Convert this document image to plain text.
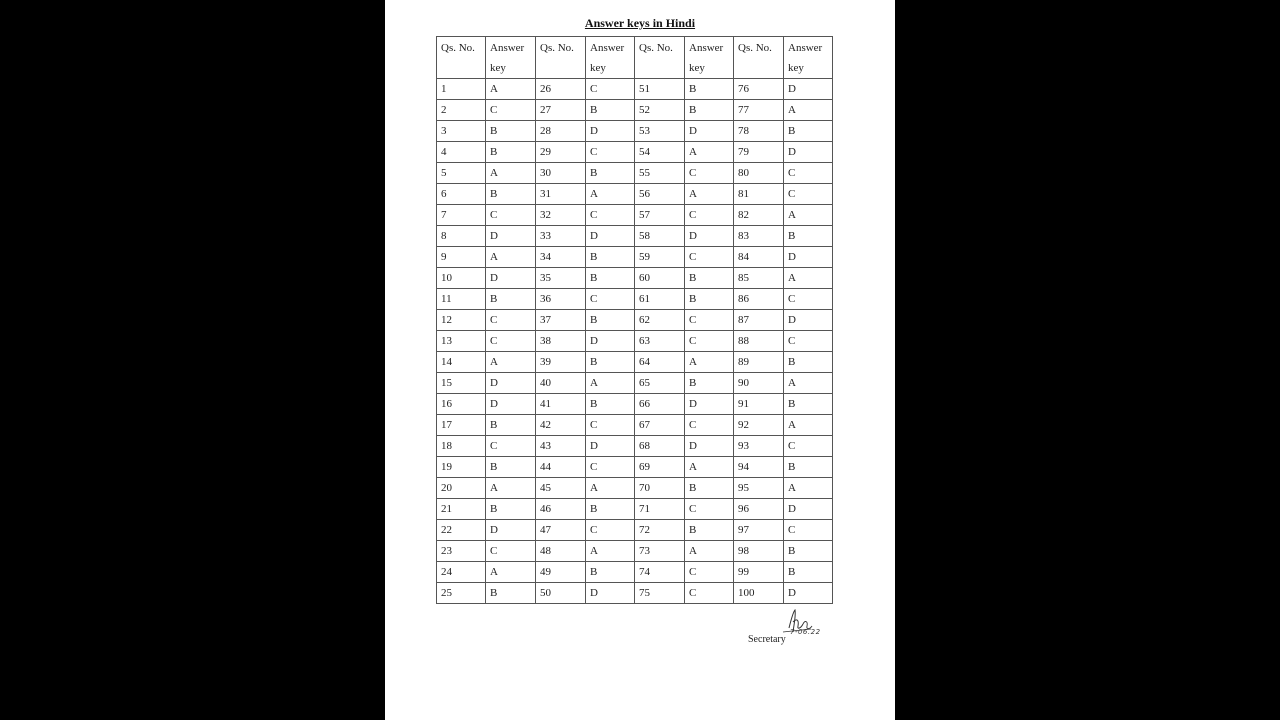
Answer keys in Hindi
Qs. No.	Answer key	Qs. No.	Answer key	Qs. No.	Answer key	Qs. No.	Answer key
1	A	26	C	51	B	76	D
2	C	27	B	52	B	77	A
3	B	28	D	53	D	78	B
4	B	29	C	54	A	79	D
5	A	30	B	55	C	80	C
6	B	31	A	56	A	81	C
7	C	32	C	57	C	82	A
8	D	33	D	58	D	83	B
9	A	34	B	59	C	84	D
10	D	35	B	60	B	85	A
11	B	36	C	61	B	86	C
12	C	37	B	62	C	87	D
13	C	38	D	63	C	88	C
14	A	39	B	64	A	89	B
15	D	40	A	65	B	90	A
16	D	41	B	66	D	91	B
17	B	42	C	67	C	92	A
18	C	43	D	68	D	93	C
19	B	44	C	69	A	94	B
20	A	45	A	70	B	95	A
21	B	46	B	71	C	96	D
22	D	47	C	72	B	97	C
23	C	48	A	73	A	98	B
24	A	49	B	74	C	99	B
25	B	50	D	75	C	100	D
7-06.22
Secretary
